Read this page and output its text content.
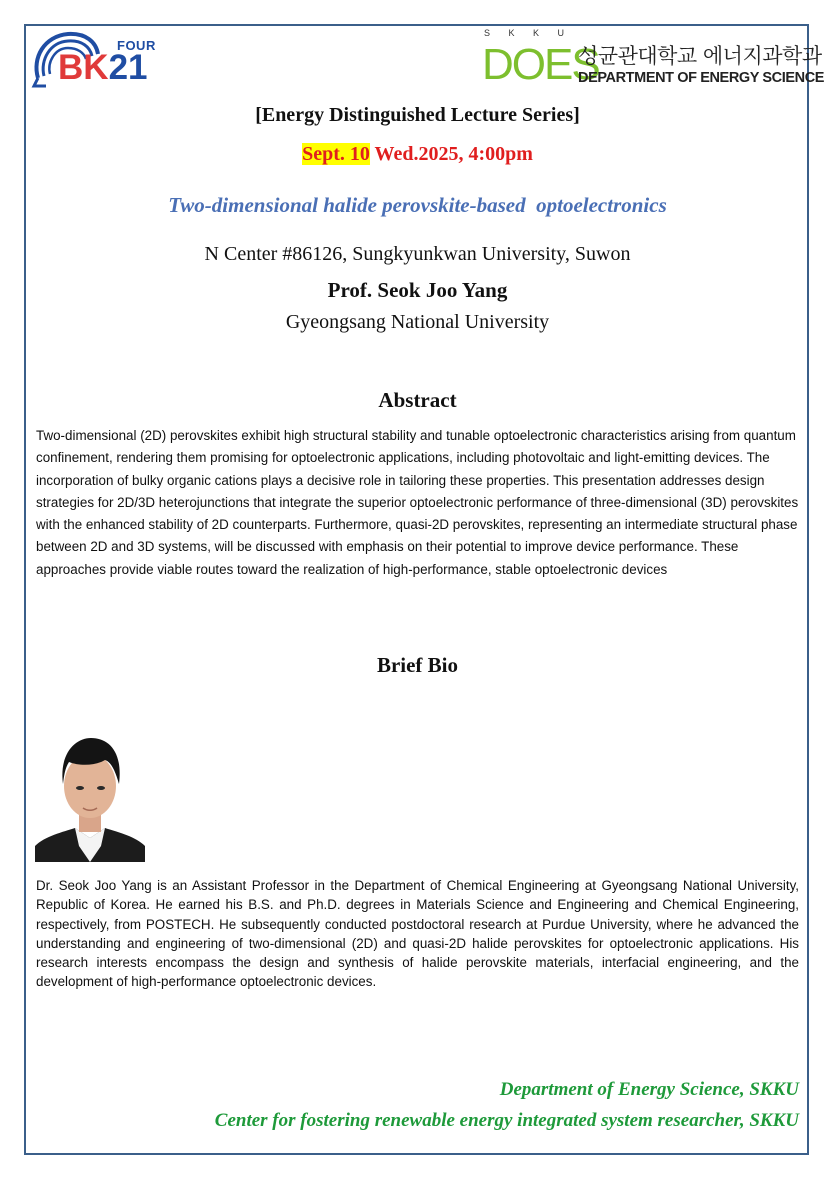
FOUR
BK21
S K K U
DOES
성균관대학교 에너지과학과
DEPARTMENT OF ENERGY SCIENCE
[Energy Distinguished Lecture Series]
Sept. 10 Wed.2025, 4:00pm
Two-dimensional halide perovskite-based  optoelectronics
N Center #86126, Sungkyunkwan University, Suwon
Prof. Seok Joo Yang
Gyeongsang National University
Abstract

Two-dimensional (2D) perovskites exhibit high structural stability and tunable optoelectronic characteristics arising from quantum confinement, rendering them promising for optoelectronic applications, including photovoltaic and light-emitting devices. The incorporation of bulky organic cations plays a decisive role in tailoring these properties. This presentation addresses design strategies for 2D/3D heterojunctions that integrate the superior optoelectronic performance of three-dimensional (3D) perovskites with the enhanced stability of 2D counterparts. Furthermore, quasi-2D perovskites, representing an intermediate structural phase between 2D and 3D systems, will be discussed with emphasis on their potential to improve device performance. These approaches provide viable routes toward the realization of high-performance, stable optoelectronic devices

Brief Bio

Dr. Seok Joo Yang is an Assistant Professor in the Department of Chemical Engineering at Gyeongsang National University, Republic of Korea. He earned his B.S. and Ph.D. degrees in Materials Science and Engineering and Chemical Engineering, respectively, from POSTECH. He subsequently conducted postdoctoral research at Purdue University, where he advanced the understanding and engineering of two-dimensional (2D) and quasi-2D halide perovskites for optoelectronic applications. His research interests encompass the design and synthesis of halide perovskite materials, interfacial engineering, and the development of high-performance optoelectronic devices.

Department of Energy Science, SKKU
Center for fostering renewable energy integrated system researcher, SKKU
